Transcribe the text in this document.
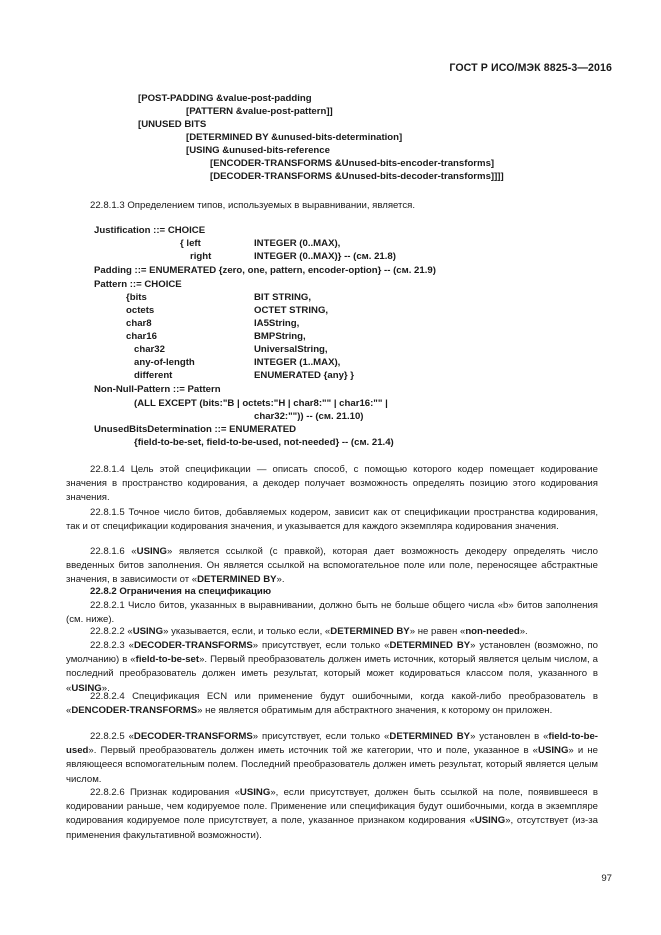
ГОСТ Р ИСО/МЭК 8825-3—2016
[POST-PADDING &value-post-padding
[PATTERN &value-post-pattern]]
[UNUSED BITS
[DETERMINED BY &unused-bits-determination]
[USING &unused-bits-reference
[ENCODER-TRANSFORMS &Unused-bits-encoder-transforms]
[DECODER-TRANSFORMS &Unused-bits-decoder-transforms]]]]
22.8.1.3 Определением типов, используемых в выравнивании, является.
Justification ::= CHOICE
{ left	INTEGER (0..MAX),
right	INTEGER (0..MAX)} -- (см. 21.8)
Padding ::= ENUMERATED {zero, one, pattern, encoder-option} -- (см. 21.9)
Pattern ::= CHOICE
{bits	BIT STRING,
octets	OCTET STRING,
char8	IA5String,
char16	BMPString,
char32	UniversalString,
any-of-length	INTEGER (1..MAX),
different	ENUMERATED {any} }
Non-Null-Pattern ::= Pattern
(ALL EXCEPT (bits:"B | octets:"H | char8:"" | char16:"" |
char32:"")) -- (см. 21.10)
UnusedBitsDetermination ::= ENUMERATED
{field-to-be-set, field-to-be-used, not-needed} -- (см. 21.4)
22.8.1.4 Цель этой спецификации — описать способ, с помощью которого кодер помещает кодирование значения в пространство кодирования, а декодер получает возможность определять позицию этого кодирования значения.
22.8.1.5 Точное число битов, добавляемых кодером, зависит как от спецификации пространства кодирования, так и от спецификации кодирования значения, и указывается для каждого экземпляра кодирования значения.
22.8.1.6 «USING» является ссылкой (с правкой), которая дает возможность декодеру определять число введенных битов заполнения. Он является ссылкой на вспомогательное поле или поле, переносящее абстрактные значения, в зависимости от «DETERMINED BY».
22.8.2 Ограничения на спецификацию
22.8.2.1 Число битов, указанных в выравнивании, должно быть не больше общего числа «b» битов заполнения (см. ниже).
22.8.2.2 «USING» указывается, если, и только если, «DETERMINED BY» не равен «non-needed».
22.8.2.3 «DECODER-TRANSFORMS» присутствует, если только «DETERMINED BY» установлен (возможно, по умолчанию) в «field-to-be-set». Первый преобразователь должен иметь источник, который является целым числом, а последний преобразователь должен иметь результат, который может кодироваться классом поля, указанного в «USING».
22.8.2.4 Спецификация ECN или применение будут ошибочными, когда какой-либо преобразователь в «DENCODER-TRANSFORMS» не является обратимым для абстрактного значения, к которому он приложен.
22.8.2.5 «DECODER-TRANSFORMS» присутствует, если только «DETERMINED BY» установлен в «field-to-be-used». Первый преобразователь должен иметь источник той же категории, что и поле, указанное в «USING» и не являющееся вспомогательным полем. Последний преобразователь должен иметь результат, который является целым числом.
22.8.2.6 Признак кодирования «USING», если присутствует, должен быть ссылкой на поле, появившееся в кодировании раньше, чем кодируемое поле. Применение или спецификация будут ошибочными, когда в экземпляре кодирования кодируемое поле присутствует, а поле, указанное признаком кодирования «USING», отсутствует (из-за применения факультативной возможности).
97
